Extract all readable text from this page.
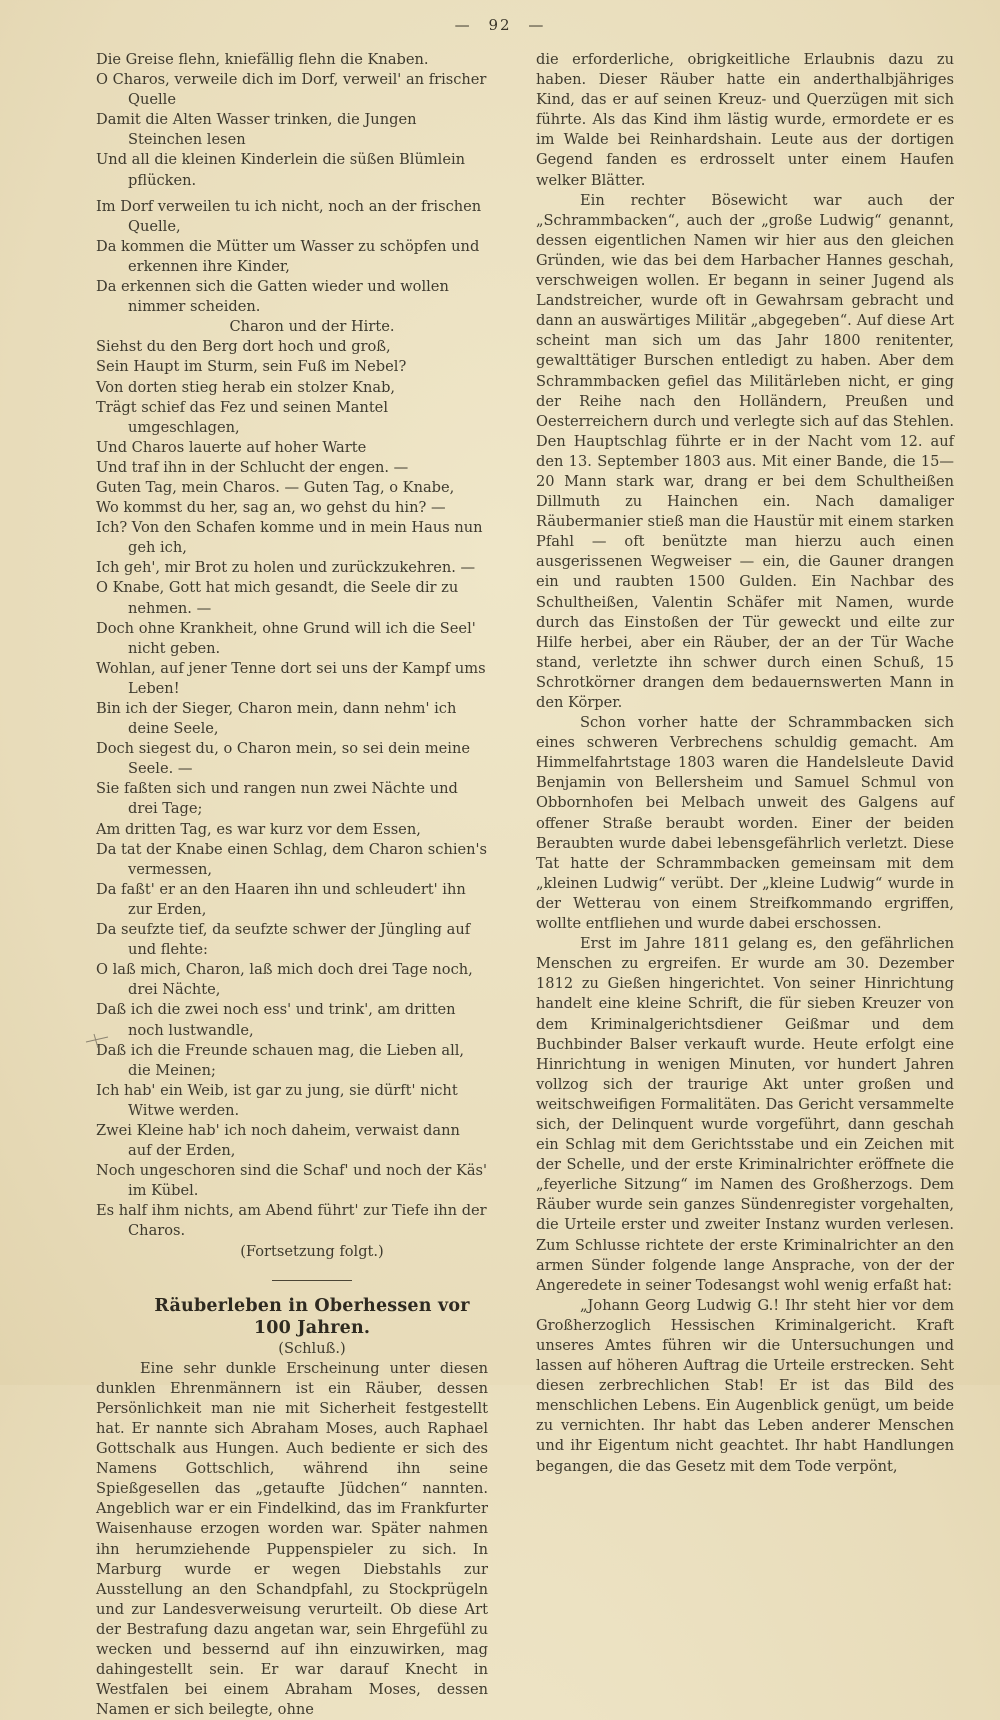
— 92 —
Die Greise flehn, kniefällig flehn die Knaben.
O Charos, verweile dich im Dorf, verweil' an frischer Quelle
Damit die Alten Wasser trinken, die Jungen Steinchen lesen
Und all die kleinen Kinderlein die süßen Blümlein pflücken.
Im Dorf verweilen tu ich nicht, noch an der frischen Quelle,
Da kommen die Mütter um Wasser zu schöpfen und erkennen ihre Kinder,
Da erkennen sich die Gatten wieder und wollen nimmer scheiden.
Charon und der Hirte.
Siehst du den Berg dort hoch und groß,
Sein Haupt im Sturm, sein Fuß im Nebel?
Von dorten stieg herab ein stolzer Knab,
Trägt schief das Fez und seinen Mantel umgeschlagen,
Und Charos lauerte auf hoher Warte
Und traf ihn in der Schlucht der engen. —
Guten Tag, mein Charos. — Guten Tag, o Knabe,
Wo kommst du her, sag an, wo gehst du hin? —
Ich? Von den Schafen komme und in mein Haus nun geh ich,
Ich geh', mir Brot zu holen und zurückzukehren. —
O Knabe, Gott hat mich gesandt, die Seele dir zu nehmen. —
Doch ohne Krankheit, ohne Grund will ich die Seel' nicht geben.
Wohlan, auf jener Tenne dort sei uns der Kampf ums Leben!
Bin ich der Sieger, Charon mein, dann nehm' ich deine Seele,
Doch siegest du, o Charon mein, so sei dein meine Seele. —
Sie faßten sich und rangen nun zwei Nächte und drei Tage;
Am dritten Tag, es war kurz vor dem Essen,
Da tat der Knabe einen Schlag, dem Charon schien's vermessen,
Da faßt' er an den Haaren ihn und schleudert' ihn zur Erden,
Da seufzte tief, da seufzte schwer der Jüngling auf und flehte:
O laß mich, Charon, laß mich doch drei Tage noch, drei Nächte,
Daß ich die zwei noch ess' und trink', am dritten noch lustwandle,
Daß ich die Freunde schauen mag, die Lieben all, die Meinen;
Ich hab' ein Weib, ist gar zu jung, sie dürft' nicht Witwe werden.
Zwei Kleine hab' ich noch daheim, verwaist dann auf der Erden,
Noch ungeschoren sind die Schaf' und noch der Käs' im Kübel.
Es half ihm nichts, am Abend führt' zur Tiefe ihn der Charos.
(Fortsetzung folgt.)
Räuberleben in Oberhessen vor 100 Jahren.
(Schluß.)

Eine sehr dunkle Erscheinung unter diesen dunklen Ehrenmännern ist ein Räuber, dessen Persönlichkeit man nie mit Sicherheit festgestellt hat. Er nannte sich Abraham Moses, auch Raphael Gottschalk aus Hungen. Auch bediente er sich des Namens Gottschlich, während ihn seine Spießgesellen das „getaufte Jüdchen“ nannten. Angeblich war er ein Findelkind, das im Frankfurter Waisenhause erzogen worden war. Später nahmen ihn herumziehende Puppenspieler zu sich. In Marburg wurde er wegen Diebstahls zur Ausstellung an den Schandpfahl, zu Stockprügeln und zur Landesverweisung verurteilt. Ob diese Art der Bestrafung dazu angetan war, sein Ehrgefühl zu wecken und bessernd auf ihn einzuwirken, mag dahingestellt sein. Er war darauf Knecht in Westfalen bei einem Abraham Moses, dessen Namen er sich beilegte, ohne

die erforderliche, obrigkeitliche Erlaubnis dazu zu haben. Dieser Räuber hatte ein anderthalbjähriges Kind, das er auf seinen Kreuz- und Querzügen mit sich führte. Als das Kind ihm lästig wurde, ermordete er es im Walde bei Reinhardshain. Leute aus der dortigen Gegend fanden es erdrosselt unter einem Haufen welker Blätter.

Ein rechter Bösewicht war auch der „Schrammbacken“, auch der „große Ludwig“ genannt, dessen eigentlichen Namen wir hier aus den gleichen Gründen, wie das bei dem Harbacher Hannes geschah, verschweigen wollen. Er begann in seiner Jugend als Landstreicher, wurde oft in Gewahrsam gebracht und dann an auswärtiges Militär „abgegeben“. Auf diese Art scheint man sich um das Jahr 1800 renitenter, gewalttätiger Burschen entledigt zu haben. Aber dem Schrammbacken gefiel das Militärleben nicht, er ging der Reihe nach den Holländern, Preußen und Oesterreichern durch und verlegte sich auf das Stehlen. Den Hauptschlag führte er in der Nacht vom 12. auf den 13. September 1803 aus. Mit einer Bande, die 15—20 Mann stark war, drang er bei dem Schultheißen Dillmuth zu Hainchen ein. Nach damaliger Räubermanier stieß man die Haustür mit einem starken Pfahl — oft benützte man hierzu auch einen ausgerissenen Wegweiser — ein, die Gauner drangen ein und raubten 1500 Gulden. Ein Nachbar des Schultheißen, Valentin Schäfer mit Namen, wurde durch das Einstoßen der Tür geweckt und eilte zur Hilfe herbei, aber ein Räuber, der an der Tür Wache stand, verletzte ihn schwer durch einen Schuß, 15 Schrotkörner drangen dem bedauernswerten Mann in den Körper.

Schon vorher hatte der Schrammbacken sich eines schweren Verbrechens schuldig gemacht. Am Himmelfahrtstage 1803 waren die Handelsleute David Benjamin von Bellersheim und Samuel Schmul von Obbornhofen bei Melbach unweit des Galgens auf offener Straße beraubt worden. Einer der beiden Beraubten wurde dabei lebensgefährlich verletzt. Diese Tat hatte der Schrammbacken gemeinsam mit dem „kleinen Ludwig“ verübt. Der „kleine Ludwig“ wurde in der Wetterau von einem Streifkommando ergriffen, wollte entfliehen und wurde dabei erschossen.

Erst im Jahre 1811 gelang es, den gefährlichen Menschen zu ergreifen. Er wurde am 30. Dezember 1812 zu Gießen hingerichtet. Von seiner Hinrichtung handelt eine kleine Schrift, die für sieben Kreuzer von dem Kriminalgerichtsdiener Geißmar und dem Buchbinder Balser verkauft wurde. Heute erfolgt eine Hinrichtung in wenigen Minuten, vor hundert Jahren vollzog sich der traurige Akt unter großen und weitschweifigen Formalitäten. Das Gericht versammelte sich, der Delinquent wurde vorgeführt, dann geschah ein Schlag mit dem Gerichtsstabe und ein Zeichen mit der Schelle, und der erste Kriminalrichter eröffnete die „feyerliche Sitzung“ im Namen des Großherzogs. Dem Räuber wurde sein ganzes Sündenregister vorgehalten, die Urteile erster und zweiter Instanz wurden verlesen. Zum Schlusse richtete der erste Kriminalrichter an den armen Sünder folgende lange Ansprache, von der der Angeredete in seiner Todesangst wohl wenig erfaßt hat:

„Johann Georg Ludwig G.! Ihr steht hier vor dem Großherzoglich Hessischen Kriminalgericht. Kraft unseres Amtes führen wir die Untersuchungen und lassen auf höheren Auftrag die Urteile erstrecken. Seht diesen zerbrechlichen Stab! Er ist das Bild des menschlichen Lebens. Ein Augenblick genügt, um beide zu vernichten. Ihr habt das Leben anderer Menschen und ihr Eigentum nicht geachtet. Ihr habt Handlungen begangen, die das Gesetz mit dem Tode verpönt,
